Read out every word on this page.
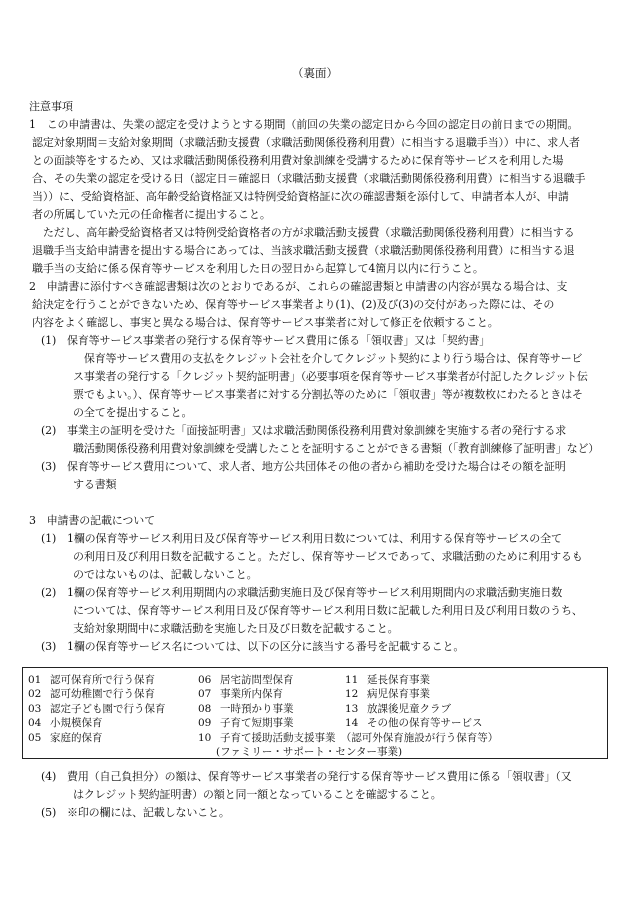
（裏面）

注意事項

1　この申請書は、失業の認定を受けようとする期間（前回の失業の認定日から今回の認定日の前日までの期間。

認定対象期間＝支給対象期間（求職活動支援費（求職活動関係役務利用費）に相当する退職手当））中に、求人者

との面談等をするため、又は求職活動関係役務利用費対象訓練を受講するために保育等サービスを利用した場

合、その失業の認定を受ける日（認定日＝確認日（求職活動支援費（求職活動関係役務利用費）に相当する退職手

当））に、受給資格証、高年齢受給資格証又は特例受給資格証に次の確認書類を添付して、申請者本人が、申請

者の所属していた元の任命権者に提出すること。

　ただし、高年齢受給資格者又は特例受給資格者の方が求職活動支援費（求職活動関係役務利用費）に相当する

退職手当支給申請書を提出する場合にあっては、当該求職活動支援費（求職活動関係役務利用費）に相当する退

職手当の支給に係る保育等サービスを利用した日の翌日から起算して4箇月以内に行うこと。

2　申請書に添付すべき確認書類は次のとおりであるが、これらの確認書類と申請書の内容が異なる場合は、支

給決定を行うことができないため、保育等サービス事業者より(1)、(2)及び(3)の交付があった際には、その

内容をよく確認し、事実と異なる場合は、保育等サービス事業者に対して修正を依頼すること。

(1)　保育等サービス事業者の発行する保育等サービス費用に係る「領収書」又は「契約書」

　保育等サービス費用の支払をクレジット会社を介してクレジット契約により行う場合は、保育等サービ

ス事業者の発行する「クレジット契約証明書」（必要事項を保育等サービス事業者が付記したクレジット伝

票でもよい。）、保育等サービス事業者に対する分割払等のために「領収書」等が複数枚にわたるときはそ

の全てを提出すること。

(2)　事業主の証明を受けた「面接証明書」又は求職活動関係役務利用費対象訓練を実施する者の発行する求

職活動関係役務利用費対象訓練を受講したことを証明することができる書類（「教育訓練修了証明書」など）

(3)　保育等サービス費用について、求人者、地方公共団体その他の者から補助を受けた場合はその額を証明

する書類

3　申請書の記載について

(1)　1欄の保育等サービス利用日及び保育等サービス利用日数については、利用する保育等サービスの全て

の利用日及び利用日数を記載すること。ただし、保育等サービスであって、求職活動のために利用するも

のではないものは、記載しないこと。

(2)　1欄の保育等サービス利用期間内の求職活動実施日及び保育等サービス利用期間内の求職活動実施日数

については、保育等サービス利用日及び保育等サービス利用日数に記載した利用日及び利用日数のうち、

支給対象期間中に求職活動を実施した日及び日数を記載すること。

(3)　1欄の保育等サービス名については、以下の区分に該当する番号を記載すること。

01 認可保育所で行う保育
02 認可幼稚園で行う保育
03 認定子ども園で行う保育
04 小規模保育
05 家庭的保育
06 居宅訪問型保育
07 事業所内保育
08 一時預かり事業
09 子育て短期事業
10 子育て援助活動支援事業　（認可外保育施設が行う保育等）
(ファミリー・サポート・センター事業)
11 延長保育事業
12 病児保育事業
13 放課後児童クラブ
14 その他の保育等サービス

(4)　費用（自己負担分）の額は、保育等サービス事業者の発行する保育等サービス費用に係る「領収書」（又

はクレジット契約証明書）の額と同一額となっていることを確認すること。

(5)　※印の欄には、記載しないこと。
